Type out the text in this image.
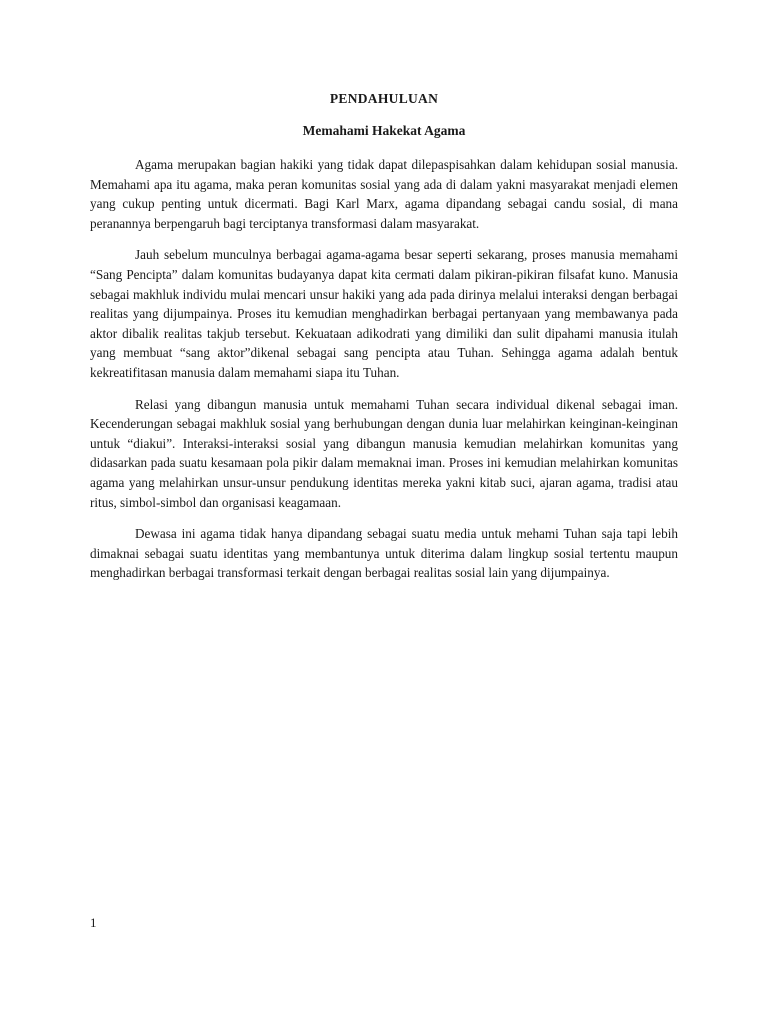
PENDAHULUAN
Memahami Hakekat Agama

Agama merupakan bagian hakiki yang tidak dapat dilepaspisahkan dalam kehidupan sosial manusia. Memahami apa itu agama, maka peran komunitas sosial yang ada di dalam yakni masyarakat menjadi elemen yang cukup penting untuk dicermati. Bagi Karl Marx, agama dipandang sebagai candu sosial, di mana peranannya berpengaruh bagi terciptanya transformasi dalam masyarakat.

Jauh sebelum munculnya berbagai agama-agama besar seperti sekarang, proses manusia memahami “Sang Pencipta” dalam komunitas budayanya dapat kita cermati dalam pikiran-pikiran filsafat kuno. Manusia sebagai makhluk individu mulai mencari unsur hakiki yang ada pada dirinya melalui interaksi dengan berbagai realitas yang dijumpainya. Proses itu kemudian menghadirkan berbagai pertanyaan yang membawanya pada aktor dibalik realitas takjub tersebut. Kekuataan adikodrati yang dimiliki dan sulit dipahami manusia itulah yang membuat “sang aktor”dikenal sebagai sang pencipta atau Tuhan. Sehingga agama adalah bentuk kekreatifitasan manusia dalam memahami siapa itu Tuhan.

Relasi yang dibangun manusia untuk memahami Tuhan secara individual dikenal sebagai iman. Kecenderungan sebagai makhluk sosial yang berhubungan dengan dunia luar melahirkan keinginan-keinginan untuk “diakui”. Interaksi-interaksi sosial yang dibangun manusia kemudian melahirkan komunitas yang didasarkan pada suatu kesamaan pola pikir dalam memaknai iman. Proses ini kemudian melahirkan komunitas agama yang melahirkan unsur-unsur pendukung identitas mereka yakni kitab suci, ajaran agama, tradisi atau ritus, simbol-simbol dan organisasi keagamaan.

Dewasa ini agama tidak hanya dipandang sebagai suatu media untuk mehami Tuhan saja tapi lebih dimaknai sebagai suatu identitas yang membantunya untuk diterima dalam lingkup sosial tertentu maupun menghadirkan berbagai transformasi terkait dengan berbagai realitas sosial lain yang dijumpainya.

1
